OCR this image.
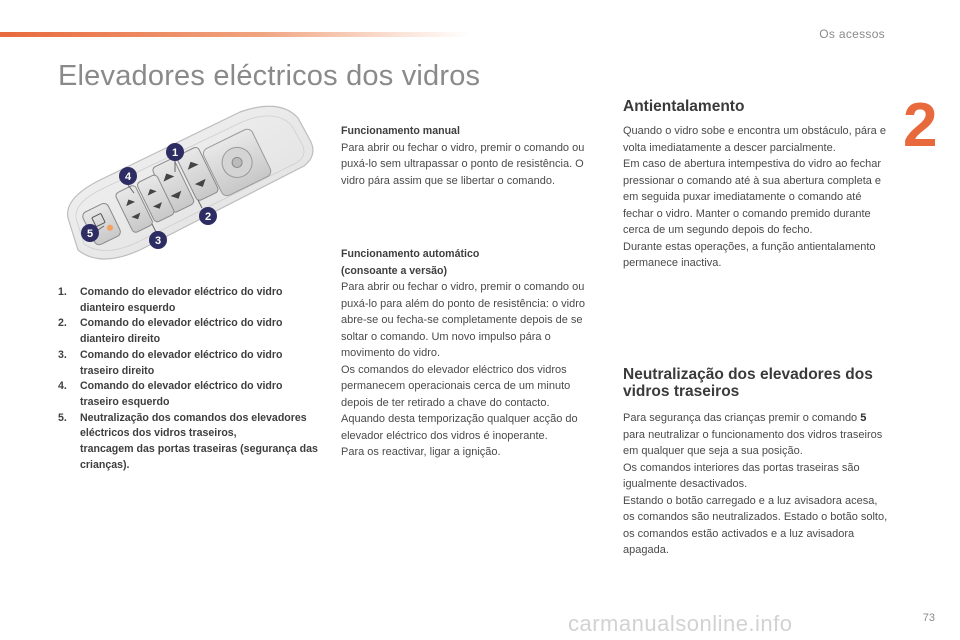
Os acessos
2
Elevadores eléctricos dos vidros
1
2
3
4
5
1. Comando do elevador eléctrico do vidro dianteiro esquerdo
2. Comando do elevador eléctrico do vidro dianteiro direito
3. Comando do elevador eléctrico do vidro traseiro direito
4. Comando do elevador eléctrico do vidro traseiro esquerdo
5. Neutralização dos comandos dos elevadores eléctricos dos vidros traseiros,
trancagem das portas traseiras (segurança das crianças).
Funcionamento manual

Para abrir ou fechar o vidro, premir o comando ou puxá-lo sem ultrapassar o ponto de resistência. O vidro pára assim que se libertar o comando.

Funcionamento automático
(consoante a versão)

Para abrir ou fechar o vidro, premir o comando ou puxá-lo para além do ponto de resistência: o vidro abre-se ou fecha-se completamente depois de se soltar o comando. Um novo impulso pára o movimento do vidro.

Os comandos do elevador eléctrico dos vidros permanecem operacionais cerca de um minuto depois de ter retirado a chave do contacto.

Aquando desta temporização qualquer acção do elevador eléctrico dos vidros é inoperante.

Para os reactivar, ligar a ignição.

Antientalamento

Quando o vidro sobe e encontra um obstáculo, pára e volta imediatamente a descer parcialmente.

Em caso de abertura intempestiva do vidro ao fechar pressionar o comando até à sua abertura completa e em seguida puxar imediatamente o comando até fechar o vidro. Manter o comando premido durante cerca de um segundo depois do fecho.

Durante estas operações, a função antientalamento permanece inactiva.

Neutralização dos elevadores dos vidros traseiros

Para segurança das crianças premir o comando 5 para neutralizar o funcionamento dos vidros traseiros em qualquer que seja a sua posição.

Os comandos interiores das portas traseiras são igualmente desactivados.

Estando o botão carregado e a luz avisadora acesa, os comandos são neutralizados. Estado o botão solto, os comandos estão activados e a luz avisadora apagada.

carmanualsonline.info	73
